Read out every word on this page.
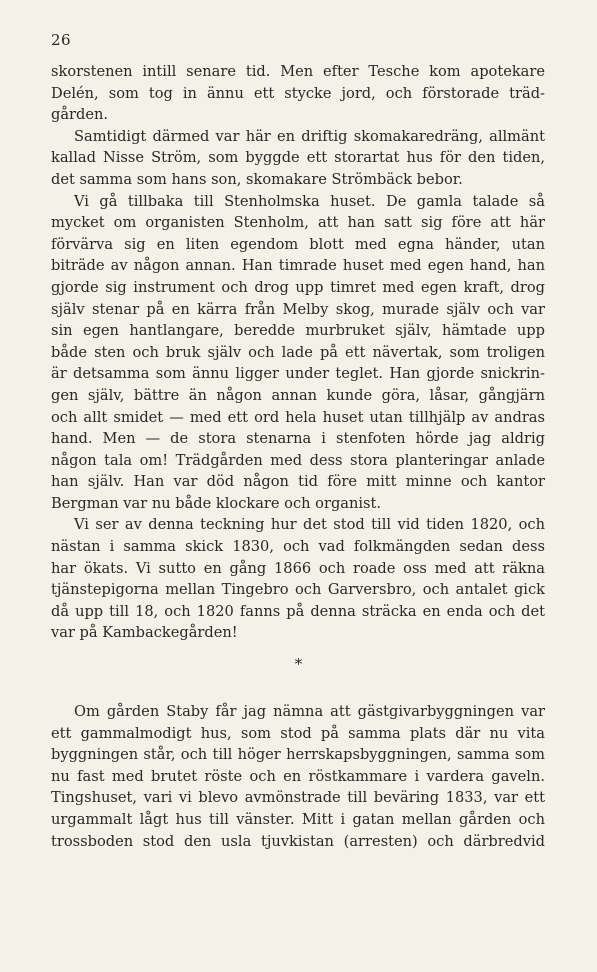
26
skorstenen intill senare tid. Men efter Tesche kom apotekare
Delén, som tog in ännu ett stycke jord, och förstorade träd-
gården.
Samtidigt därmed var här en driftig skomakaredräng, allmänt
kallad Nisse Ström, som byggde ett storartat hus för den tiden,
det samma som hans son, skomakare Strömbäck bebor.
Vi gå tillbaka till Stenholmska huset. De gamla talade så
mycket om organisten Stenholm, att han satt sig före att här
förvärva sig en liten egendom blott med egna händer, utan
biträde av någon annan. Han timrade huset med egen hand, han
gjorde sig instrument och drog upp timret med egen kraft, drog
själv stenar på en kärra från Melby skog, murade själv och var
sin egen hantlangare, beredde murbruket själv, hämtade upp
både sten och bruk själv och lade på ett nävertak, som troligen
är detsamma som ännu ligger under teglet. Han gjorde snickrin-
gen själv, bättre än någon annan kunde göra, låsar, gångjärn
och allt smidet — med ett ord hela huset utan tillhjälp av andras
hand. Men — de stora stenarna i stenfoten hörde jag aldrig
någon tala om! Trädgården med dess stora planteringar anlade
han själv. Han var död någon tid före mitt minne och kantor
Bergman var nu både klockare och organist.
Vi ser av denna teckning hur det stod till vid tiden 1820, och
nästan i samma skick 1830, och vad folkmängden sedan dess
har ökats. Vi sutto en gång 1866 och roade oss med att räkna
tjänstepigorna mellan Tingebro och Garversbro, och antalet gick
då upp till 18, och 1820 fanns på denna sträcka en enda och det
var på Kambackegården!
*
Om gården Staby får jag nämna att gästgivarbyggningen var
ett gammalmodigt hus, som stod på samma plats där nu vita
byggningen står, och till höger herrskapsbyggningen, samma som
nu fast med brutet röste och en röstkammare i vardera gaveln.
Tingshuset, vari vi blevo avmönstrade till beväring 1833, var ett
urgammalt lågt hus till vänster. Mitt i gatan mellan gården och
trossboden stod den usla tjuvkistan (arresten) och därbredvid
